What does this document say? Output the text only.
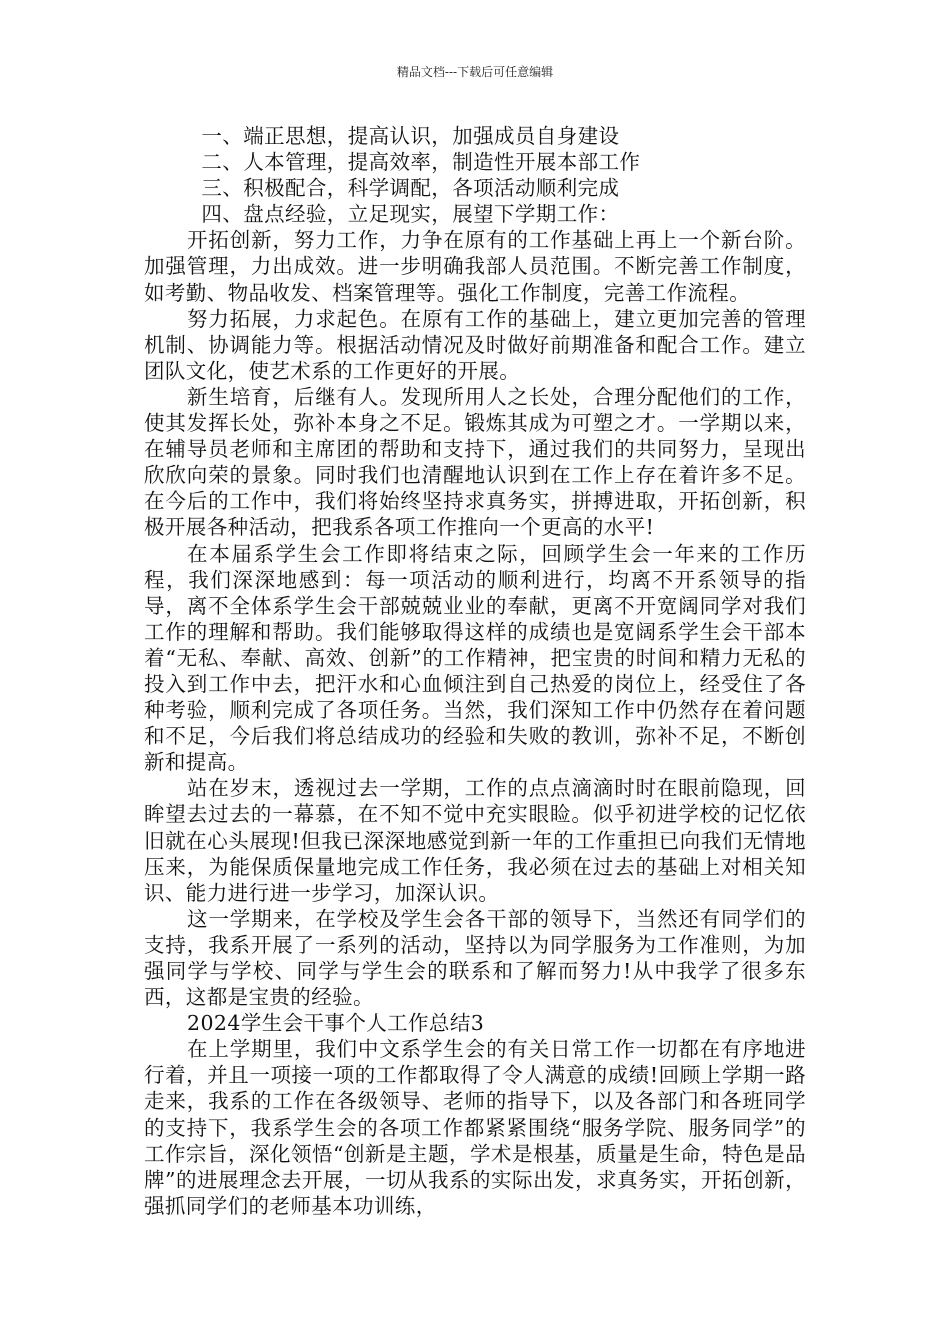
精品文档---下载后可任意编辑

一、端正思想，提高认识，加强成员自身建设

二、人本管理，提高效率，制造性开展本部工作

三、积极配合，科学调配，各项活动顺利完成

四、盘点经验，立足现实，展望下学期工作：

开拓创新，努力工作，力争在原有的工作基础上再上一个新台阶。加强管理，力出成效。进一步明确我部人员范围。不断完善工作制度，如考勤、物品收发、档案管理等。强化工作制度，完善工作流程。

努力拓展，力求起色。在原有工作的基础上，建立更加完善的管理机制、协调能力等。根据活动情况及时做好前期准备和配合工作。建立团队文化，使艺术系的工作更好的开展。

新生培育，后继有人。发现所用人之长处，合理分配他们的工作，使其发挥长处，弥补本身之不足。锻炼其成为可塑之才。一学期以来，在辅导员老师和主席团的帮助和支持下，通过我们的共同努力，呈现出欣欣向荣的景象。同时我们也清醒地认识到在工作上存在着许多不足。在今后的工作中，我们将始终坚持求真务实，拼搏进取，开拓创新，积极开展各种活动，把我系各项工作推向一个更高的水平!

在本届系学生会工作即将结束之际，回顾学生会一年来的工作历程，我们深深地感到：每一项活动的顺利进行，均离不开系领导的指导，离不全体系学生会干部兢兢业业的奉献，更离不开宽阔同学对我们工作的理解和帮助。我们能够取得这样的成绩也是宽阔系学生会干部本着“无私、奉献、高效、创新”的工作精神，把宝贵的时间和精力无私的投入到工作中去，把汗水和心血倾注到自己热爱的岗位上，经受住了各种考验，顺利完成了各项任务。当然，我们深知工作中仍然存在着问题和不足，今后我们将总结成功的经验和失败的教训，弥补不足，不断创新和提高。

站在岁末，透视过去一学期，工作的点点滴滴时时在眼前隐现，回眸望去过去的一幕慕，在不知不觉中充实眼睑。似乎初进学校的记忆依旧就在心头展现!但我已深深地感觉到新一年的工作重担已向我们无情地压来，为能保质保量地完成工作任务，我必须在过去的基础上对相关知识、能力进行进一步学习，加深认识。

这一学期来，在学校及学生会各干部的领导下，当然还有同学们的支持，我系开展了一系列的活动，坚持以为同学服务为工作准则，为加强同学与学校、同学与学生会的联系和了解而努力!从中我学了很多东西，这都是宝贵的经验。

2024学生会干事个人工作总结3

在上学期里，我们中文系学生会的有关日常工作一切都在有序地进行着，并且一项接一项的工作都取得了令人满意的成绩!回顾上学期一路走来，我系的工作在各级领导、老师的指导下，以及各部门和各班同学的支持下，我系学生会的各项工作都紧紧围绕“服务学院、服务同学”的工作宗旨，深化领悟“创新是主题，学术是根基，质量是生命，特色是品牌”的进展理念去开展，一切从我系的实际出发，求真务实，开拓创新，强抓同学们的老师基本功训练，
